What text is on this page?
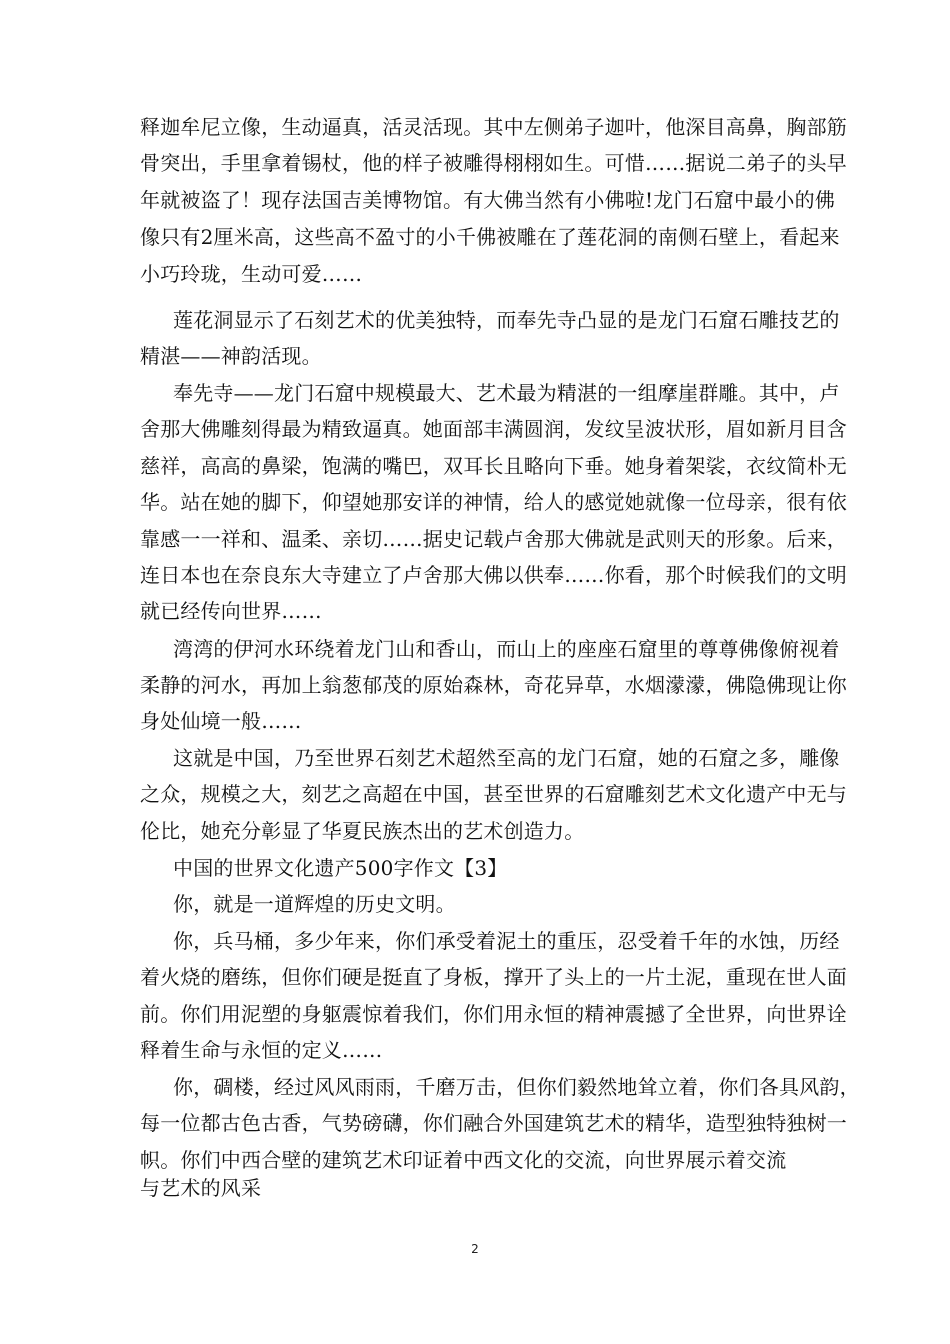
释迦牟尼立像，生动逼真，活灵活现。其中左侧弟子迦叶，他深目高鼻，胸部筋
骨突出，手里拿着锡杖，他的样子被雕得栩栩如生。可惜……据说二弟子的头早
年就被盗了！现存法国吉美博物馆。有大佛当然有小佛啦!龙门石窟中最小的佛
像只有2厘米高，这些高不盈寸的小千佛被雕在了莲花洞的南侧石壁上，看起来
小巧玲珑，生动可爱……
莲花洞显示了石刻艺术的优美独特，而奉先寺凸显的是龙门石窟石雕技艺的
精湛——神韵活现。
奉先寺——龙门石窟中规模最大、艺术最为精湛的一组摩崖群雕。其中，卢
舍那大佛雕刻得最为精致逼真。她面部丰满圆润，发纹呈波状形，眉如新月目含
慈祥，高高的鼻梁，饱满的嘴巴，双耳长且略向下垂。她身着架裟，衣纹简朴无
华。站在她的脚下，仰望她那安详的神情，给人的感觉她就像一位母亲，很有依
靠感一一祥和、温柔、亲切……据史记载卢舍那大佛就是武则天的形象。后来，
连日本也在奈良东大寺建立了卢舍那大佛以供奉……你看，那个时候我们的文明
就已经传向世界……
湾湾的伊河水环绕着龙门山和香山，而山上的座座石窟里的尊尊佛像俯视着
柔静的河水，再加上翁葱郁茂的原始森林，奇花异草，水烟濛濛，佛隐佛现让你
身处仙境一般……
这就是中国，乃至世界石刻艺术超然至高的龙门石窟，她的石窟之多，雕像
之众，规模之大，刻艺之高超在中国，甚至世界的石窟雕刻艺术文化遗产中无与
伦比，她充分彰显了华夏民族杰出的艺术创造力。
中国的世界文化遗产500字作文【3】
你，就是一道辉煌的历史文明。
你，兵马桶，多少年来，你们承受着泥土的重压，忍受着千年的水蚀，历经
着火烧的磨练，但你们硬是挺直了身板，撑开了头上的一片土泥，重现在世人面
前。你们用泥塑的身躯震惊着我们，你们用永恒的精神震撼了全世界，向世界诠
释着生命与永恒的定义……
你，碉楼，经过风风雨雨，千磨万击，但你们毅然地耸立着，你们各具风韵，
每一位都古色古香，气势磅礴，你们融合外国建筑艺术的精华，造型独特独树一
帜。你们中西合壁的建筑艺术印证着中西文化的交流，向世界展示着交流
与艺术的风采
2
